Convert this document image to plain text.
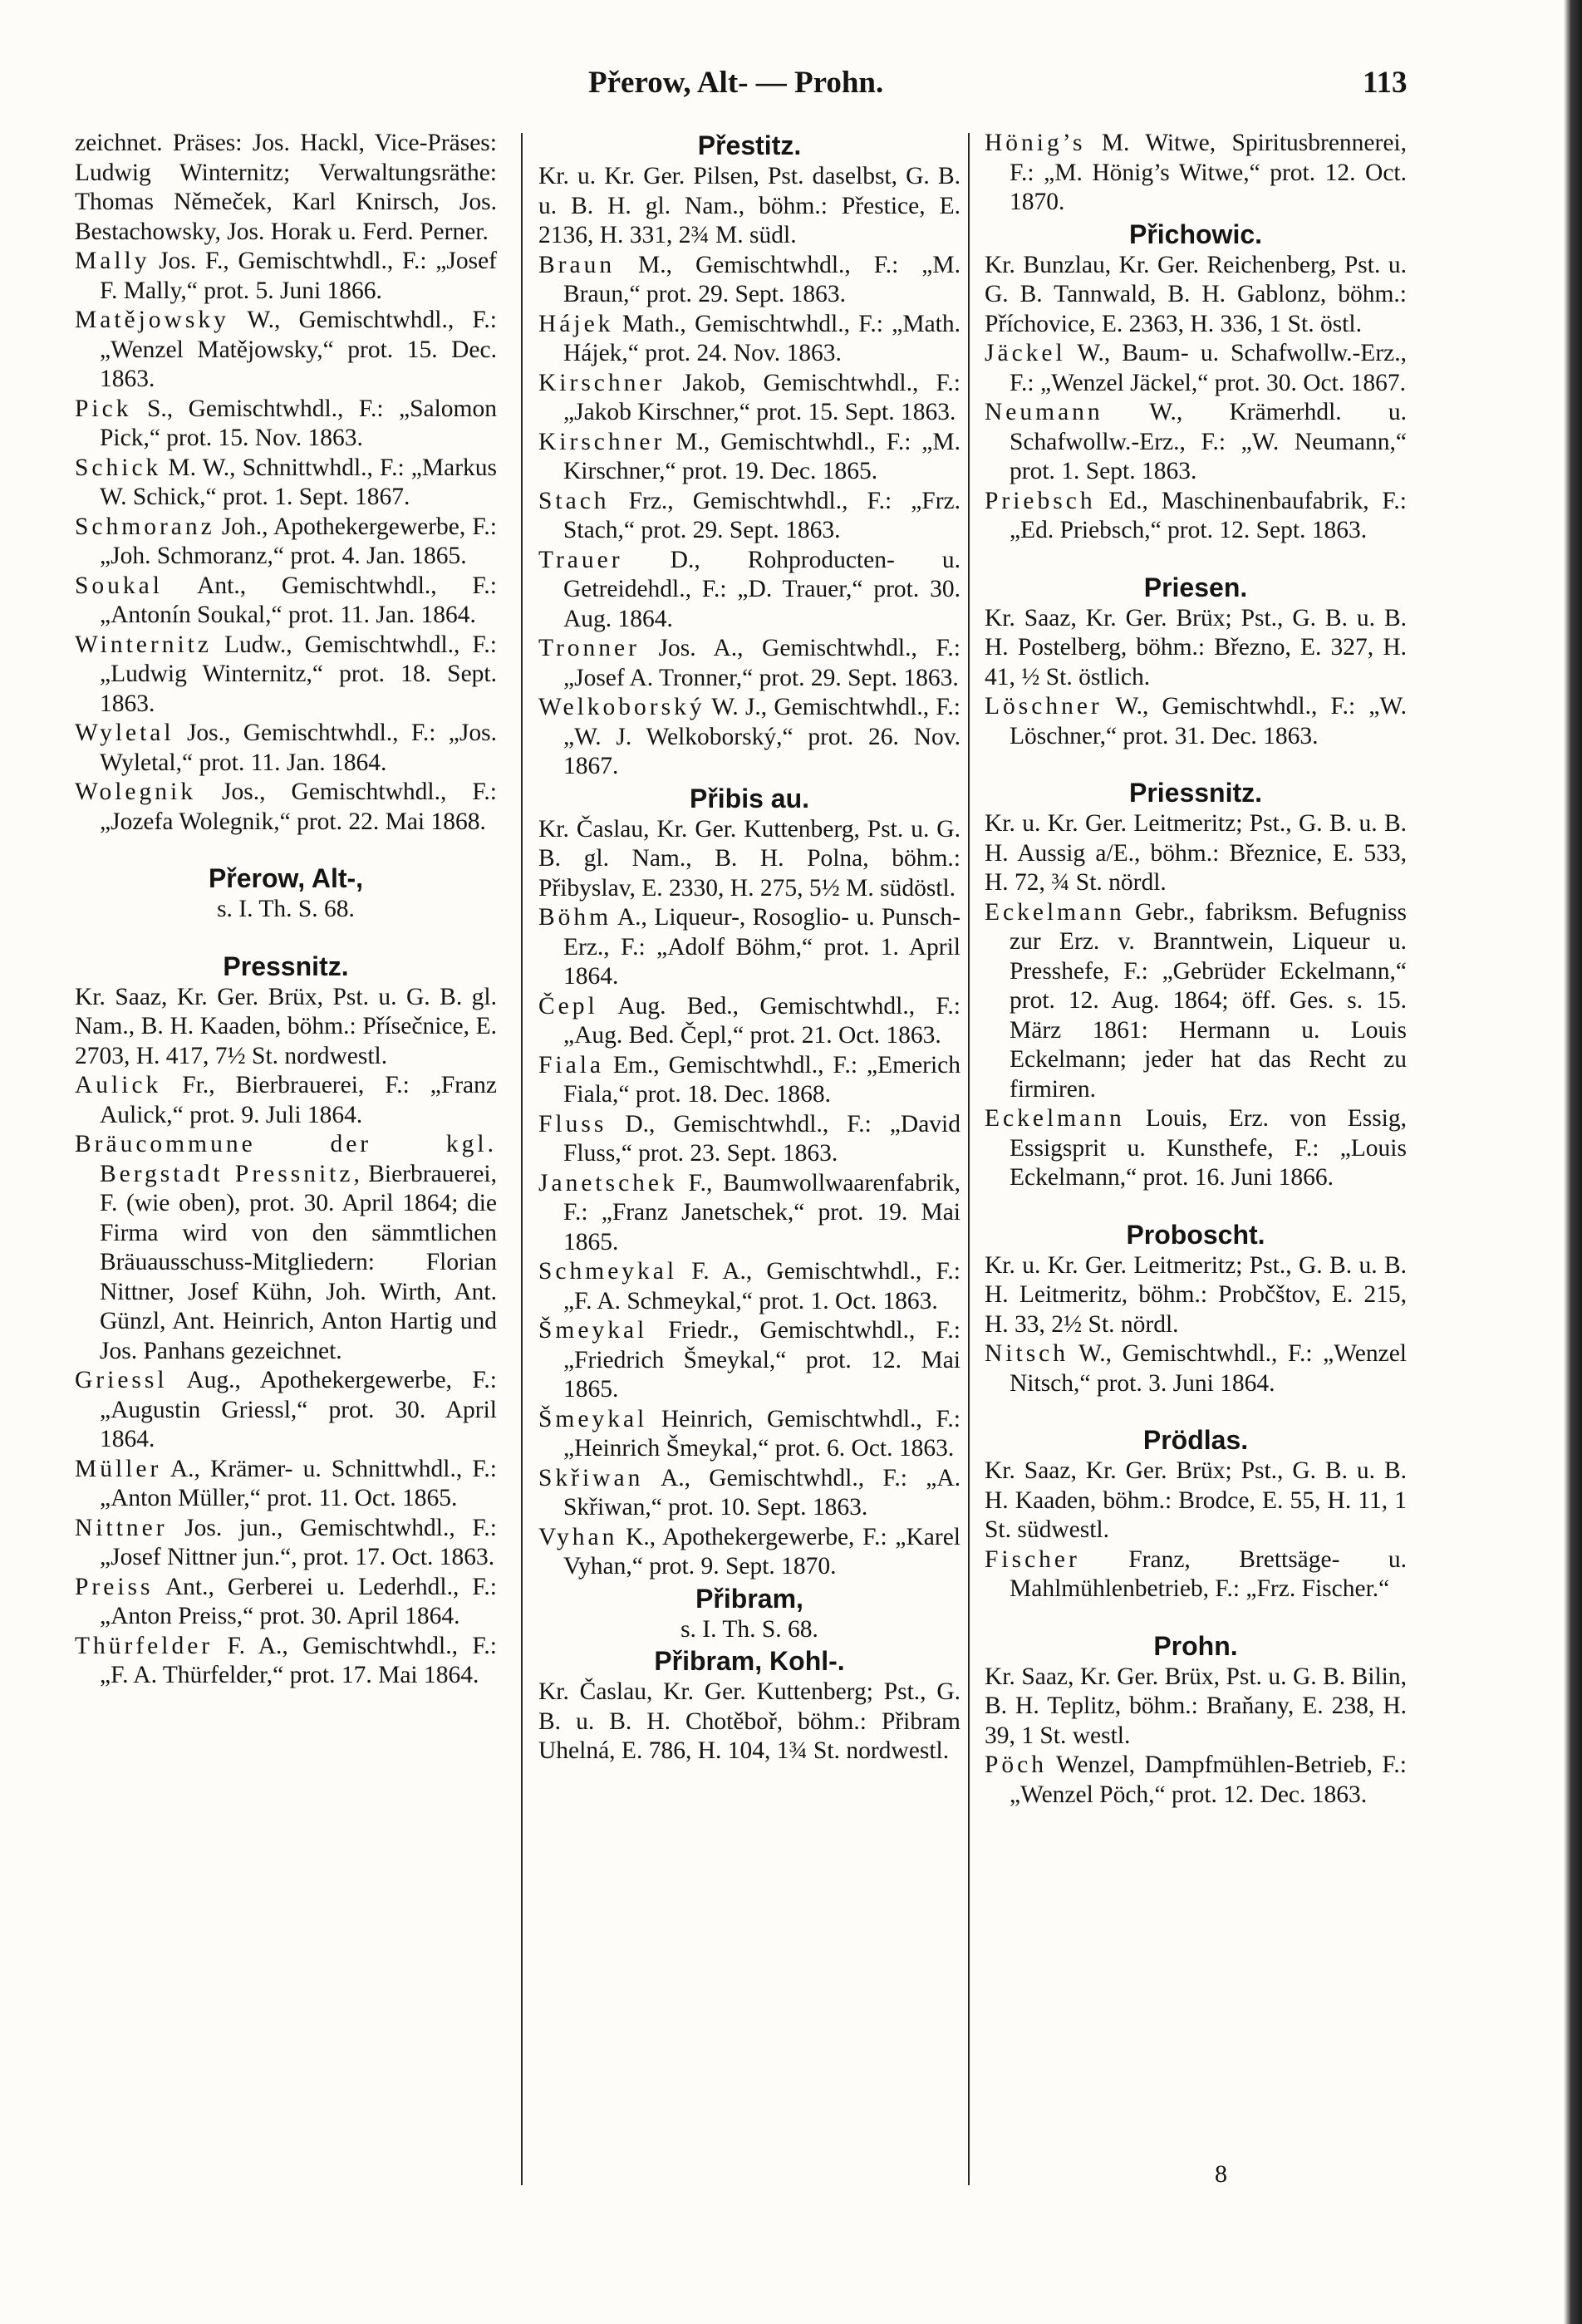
Přerow, Alt- — Prohn.	113

zeichnet. Präses: Jos. Hackl, Vice-Präses: Ludwig Winternitz; Verwaltungsräthe: Thomas Němeček, Karl Knirsch, Jos. Bestachowsky, Jos. Horak u. Ferd. Perner.

Mally Jos. F., Gemischtwhdl., F.: „Josef F. Mally,“ prot. 5. Juni 1866.

Matějowsky W., Gemischtwhdl., F.: „Wenzel Matějowsky,“ prot. 15. Dec. 1863.

Pick S., Gemischtwhdl., F.: „Salomon Pick,“ prot. 15. Nov. 1863.

Schick M. W., Schnittwhdl., F.: „Markus W. Schick,“ prot. 1. Sept. 1867.

Schmoranz Joh., Apothekergewerbe, F.: „Joh. Schmoranz,“ prot. 4. Jan. 1865.

Soukal Ant., Gemischtwhdl., F.: „Antonín Soukal,“ prot. 11. Jan. 1864.

Winternitz Ludw., Gemischtwhdl., F.: „Ludwig Winternitz,“ prot. 18. Sept. 1863.

Wyletal Jos., Gemischtwhdl., F.: „Jos. Wyletal,“ prot. 11. Jan. 1864.

Wolegnik Jos., Gemischtwhdl., F.: „Jozefa Wolegnik,“ prot. 22. Mai 1868.

Přerow, Alt-,

s. I. Th. S. 68.

Pressnitz.

Kr. Saaz, Kr. Ger. Brüx, Pst. u. G. B. gl. Nam., B. H. Kaaden, böhm.: Přísečnice, E. 2703, H. 417, 7½ St. nordwestl.

Aulick Fr., Bierbrauerei, F.: „Franz Aulick,“ prot. 9. Juli 1864.

Bräucommune der kgl. Bergstadt Pressnitz, Bierbrauerei, F. (wie oben), prot. 30. April 1864; die Firma wird von den sämmtlichen Bräuausschuss-Mitgliedern: Florian Nittner, Josef Kühn, Joh. Wirth, Ant. Günzl, Ant. Heinrich, Anton Hartig und Jos. Panhans gezeichnet.

Griessl Aug., Apothekergewerbe, F.: „Augustin Griessl,“ prot. 30. April 1864.

Müller A., Krämer- u. Schnittwhdl., F.: „Anton Müller,“ prot. 11. Oct. 1865.

Nittner Jos. jun., Gemischtwhdl., F.: „Josef Nittner jun.“, prot. 17. Oct. 1863.

Preiss Ant., Gerberei u. Lederhdl., F.: „Anton Preiss,“ prot. 30. April 1864.

Thürfelder F. A., Gemischtwhdl., F.: „F. A. Thürfelder,“ prot. 17. Mai 1864.

Přestitz.

Kr. u. Kr. Ger. Pilsen, Pst. daselbst, G. B. u. B. H. gl. Nam., böhm.: Přestice, E. 2136, H. 331, 2¾ M. südl.

Braun M., Gemischtwhdl., F.: „M. Braun,“ prot. 29. Sept. 1863.

Hájek Math., Gemischtwhdl., F.: „Math. Hájek,“ prot. 24. Nov. 1863.

Kirschner Jakob, Gemischtwhdl., F.: „Jakob Kirschner,“ prot. 15. Sept. 1863.

Kirschner M., Gemischtwhdl., F.: „M. Kirschner,“ prot. 19. Dec. 1865.

Stach Frz., Gemischtwhdl., F.: „Frz. Stach,“ prot. 29. Sept. 1863.

Trauer D., Rohproducten- u. Getreidehdl., F.: „D. Trauer,“ prot. 30. Aug. 1864.

Tronner Jos. A., Gemischtwhdl., F.: „Josef A. Tronner,“ prot. 29. Sept. 1863.

Welkoborský W. J., Gemischtwhdl., F.: „W. J. Welkoborský,“ prot. 26. Nov. 1867.

Přibis au.

Kr. Časlau, Kr. Ger. Kuttenberg, Pst. u. G. B. gl. Nam., B. H. Polna, böhm.: Přibyslav, E. 2330, H. 275, 5½ M. südöstl.

Böhm A., Liqueur-, Rosoglio- u. Punsch-Erz., F.: „Adolf Böhm,“ prot. 1. April 1864.

Čepl Aug. Bed., Gemischtwhdl., F.: „Aug. Bed. Čepl,“ prot. 21. Oct. 1863.

Fiala Em., Gemischtwhdl., F.: „Emerich Fiala,“ prot. 18. Dec. 1868.

Fluss D., Gemischtwhdl., F.: „David Fluss,“ prot. 23. Sept. 1863.

Janetschek F., Baumwollwaarenfabrik, F.: „Franz Janetschek,“ prot. 19. Mai 1865.

Schmeykal F. A., Gemischtwhdl., F.: „F. A. Schmeykal,“ prot. 1. Oct. 1863.

Šmeykal Friedr., Gemischtwhdl., F.: „Friedrich Šmeykal,“ prot. 12. Mai 1865.

Šmeykal Heinrich, Gemischtwhdl., F.: „Heinrich Šmeykal,“ prot. 6. Oct. 1863.

Skřiwan A., Gemischtwhdl., F.: „A. Skřiwan,“ prot. 10. Sept. 1863.

Vyhan K., Apothekergewerbe, F.: „Karel Vyhan,“ prot. 9. Sept. 1870.

Přibram,

s. I. Th. S. 68.

Přibram, Kohl-.

Kr. Časlau, Kr. Ger. Kuttenberg; Pst., G. B. u. B. H. Chotěboř, böhm.: Přibram Uhelná, E. 786, H. 104, 1¾ St. nordwestl.

Hönig’s M. Witwe, Spiritusbrennerei, F.: „M. Hönig’s Witwe,“ prot. 12. Oct. 1870.

Přichowic.

Kr. Bunzlau, Kr. Ger. Reichenberg, Pst. u. G. B. Tannwald, B. H. Gablonz, böhm.: Příchovice, E. 2363, H. 336, 1 St. östl.

Jäckel W., Baum- u. Schafwollw.-Erz., F.: „Wenzel Jäckel,“ prot. 30. Oct. 1867.

Neumann W., Krämerhdl. u. Schafwollw.-Erz., F.: „W. Neumann,“ prot. 1. Sept. 1863.

Priebsch Ed., Maschinenbaufabrik, F.: „Ed. Priebsch,“ prot. 12. Sept. 1863.

Priesen.

Kr. Saaz, Kr. Ger. Brüx; Pst., G. B. u. B. H. Postelberg, böhm.: Březno, E. 327, H. 41, ½ St. östlich.

Löschner W., Gemischtwhdl., F.: „W. Löschner,“ prot. 31. Dec. 1863.

Priessnitz.

Kr. u. Kr. Ger. Leitmeritz; Pst., G. B. u. B. H. Aussig a/E., böhm.: Březnice, E. 533, H. 72, ¾ St. nördl.

Eckelmann Gebr., fabriksm. Befugniss zur Erz. v. Branntwein, Liqueur u. Presshefe, F.: „Gebrüder Eckelmann,“ prot. 12. Aug. 1864; öff. Ges. s. 15. März 1861: Hermann u. Louis Eckelmann; jeder hat das Recht zu firmiren.

Eckelmann Louis, Erz. von Essig, Essigsprit u. Kunsthefe, F.: „Louis Eckelmann,“ prot. 16. Juni 1866.

Proboscht.

Kr. u. Kr. Ger. Leitmeritz; Pst., G. B. u. B. H. Leitmeritz, böhm.: Probčštov, E. 215, H. 33, 2½ St. nördl.

Nitsch W., Gemischtwhdl., F.: „Wenzel Nitsch,“ prot. 3. Juni 1864.

Prödlas.

Kr. Saaz, Kr. Ger. Brüx; Pst., G. B. u. B. H. Kaaden, böhm.: Brodce, E. 55, H. 11, 1 St. südwestl.

Fischer Franz, Brettsäge- u. Mahlmühlenbetrieb, F.: „Frz. Fischer.“

Prohn.

Kr. Saaz, Kr. Ger. Brüx, Pst. u. G. B. Bilin, B. H. Teplitz, böhm.: Braňany, E. 238, H. 39, 1 St. westl.

Pöch Wenzel, Dampfmühlen-Betrieb, F.: „Wenzel Pöch,“ prot. 12. Dec. 1863.

8
